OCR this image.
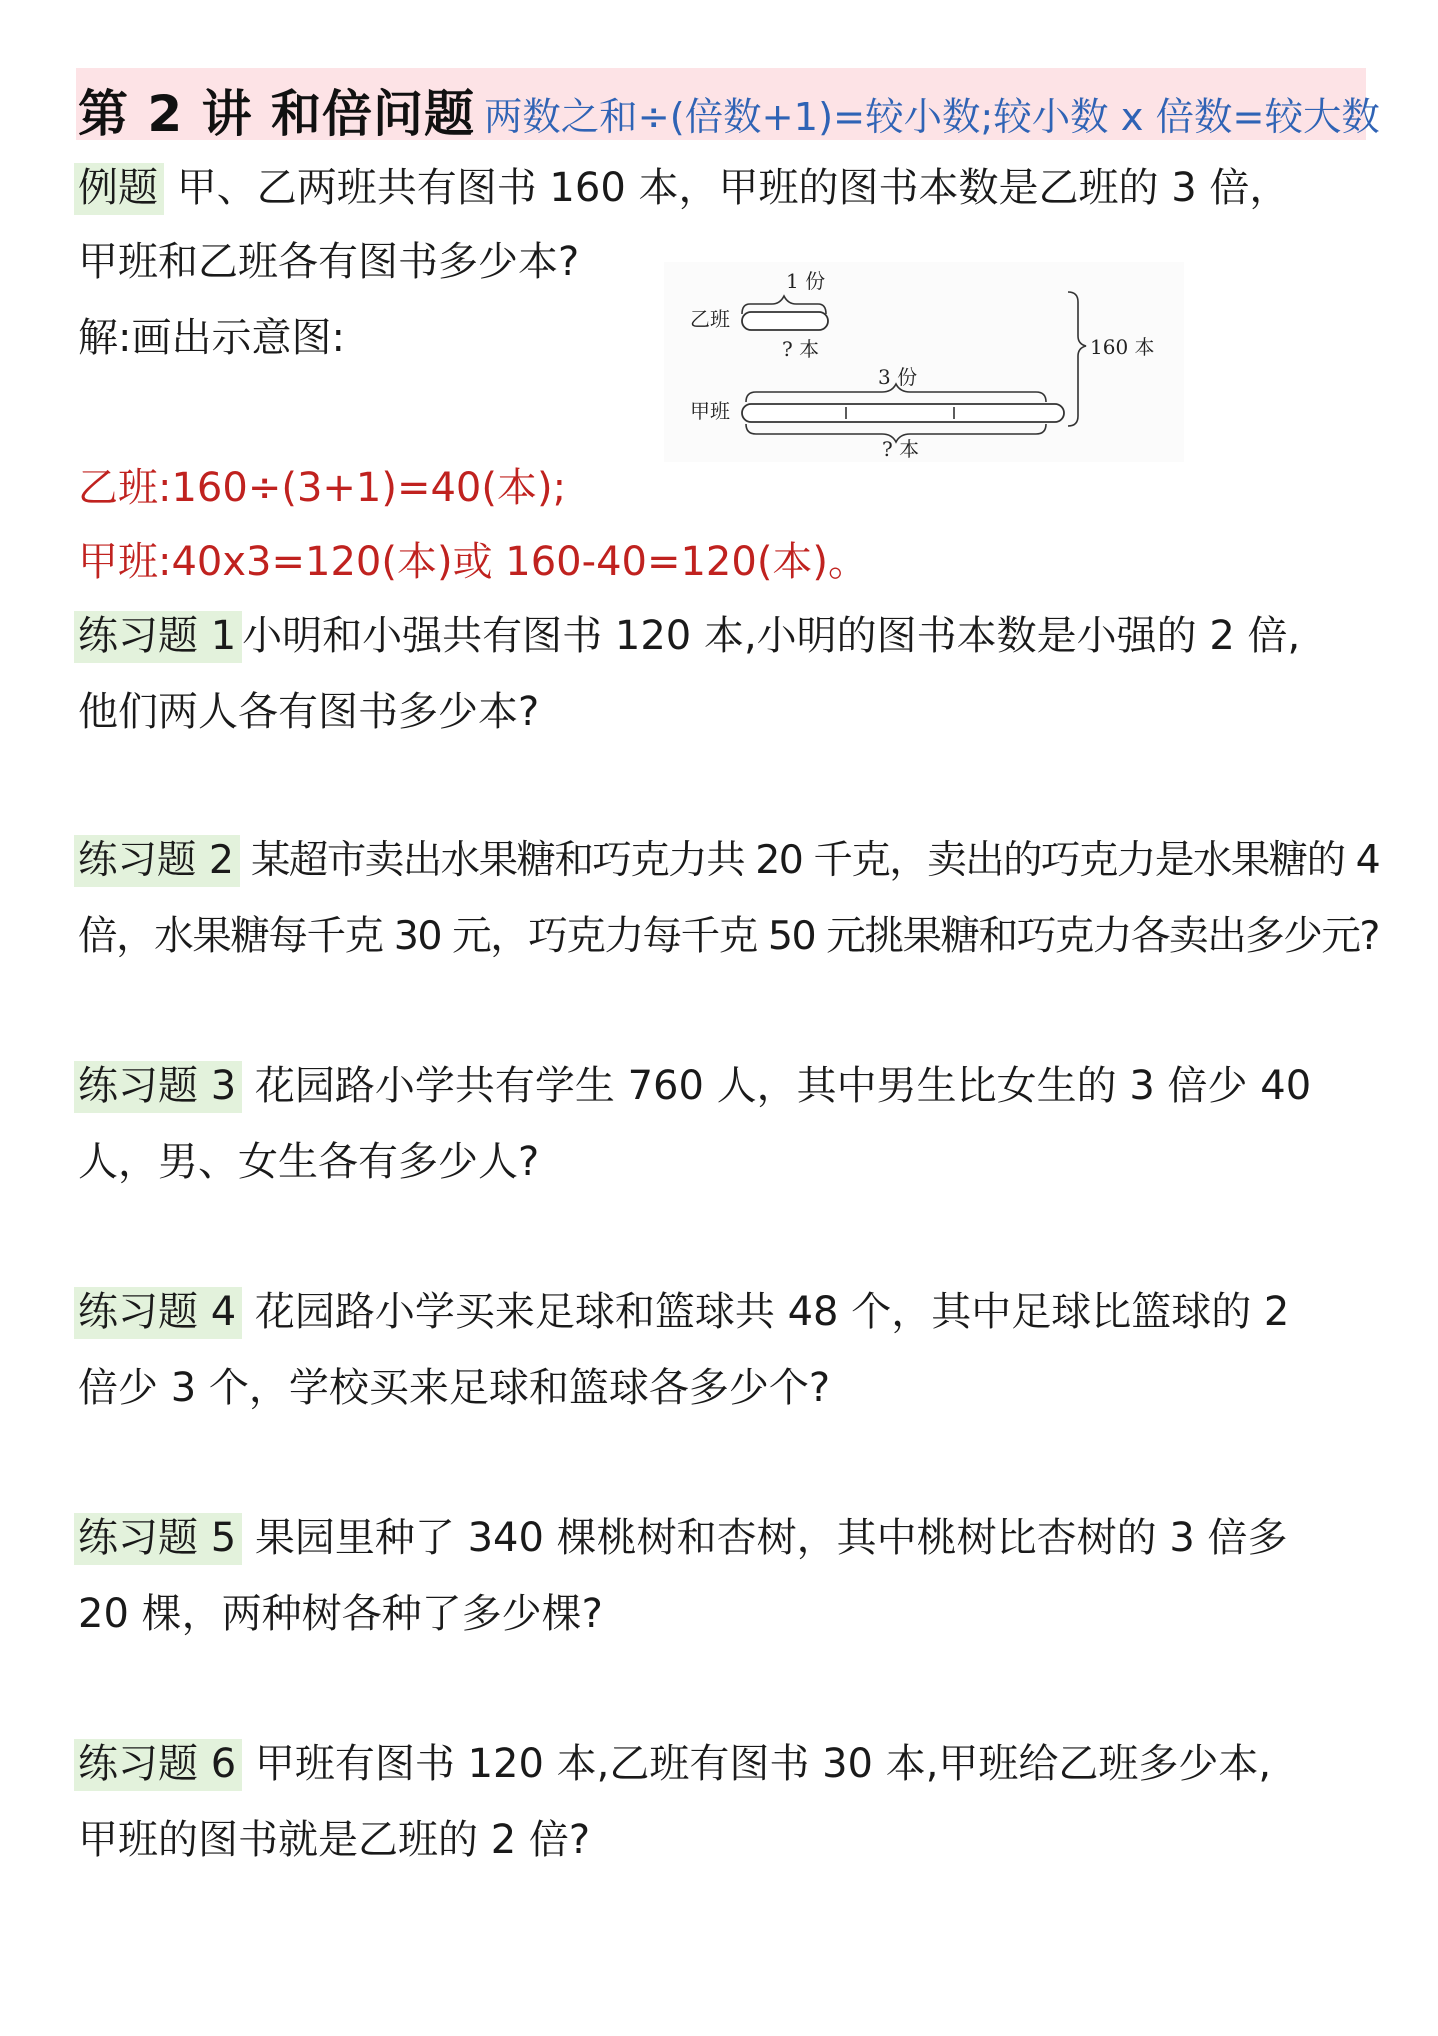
第 2 讲 和倍问题 两数之和÷(倍数+1)=较小数;较小数 x 倍数=较大数
例题 甲、乙两班共有图书 160 本，甲班的图书本数是乙班的 3 倍，
甲班和乙班各有图书多少本?
解:画出示意图:
1 份
乙班
? 本
3 份
甲班
? 本
160 本
乙班:160÷(3+1)=40(本);
甲班:40x3=120(本)或 160-40=120(本)。
练习题 1 小明和小强共有图书 120 本,小明的图书本数是小强的 2 倍,
他们两人各有图书多少本?
练习题 2 某超市卖出水果糖和巧克力共 20 千克，卖出的巧克力是水果糖的 4
倍，水果糖每千克 30 元，巧克力每千克 50 元挑果糖和巧克力各卖出多少元?
练习题 3 花园路小学共有学生 760 人，其中男生比女生的 3 倍少 40
人，男、女生各有多少人?
练习题 4 花园路小学买来足球和篮球共 48 个，其中足球比篮球的 2
倍少 3 个，学校买来足球和篮球各多少个?
练习题 5 果园里种了 340 棵桃树和杏树，其中桃树比杏树的 3 倍多
20 棵，两种树各种了多少棵?
练习题 6 甲班有图书 120 本,乙班有图书 30 本,甲班给乙班多少本,
甲班的图书就是乙班的 2 倍?
